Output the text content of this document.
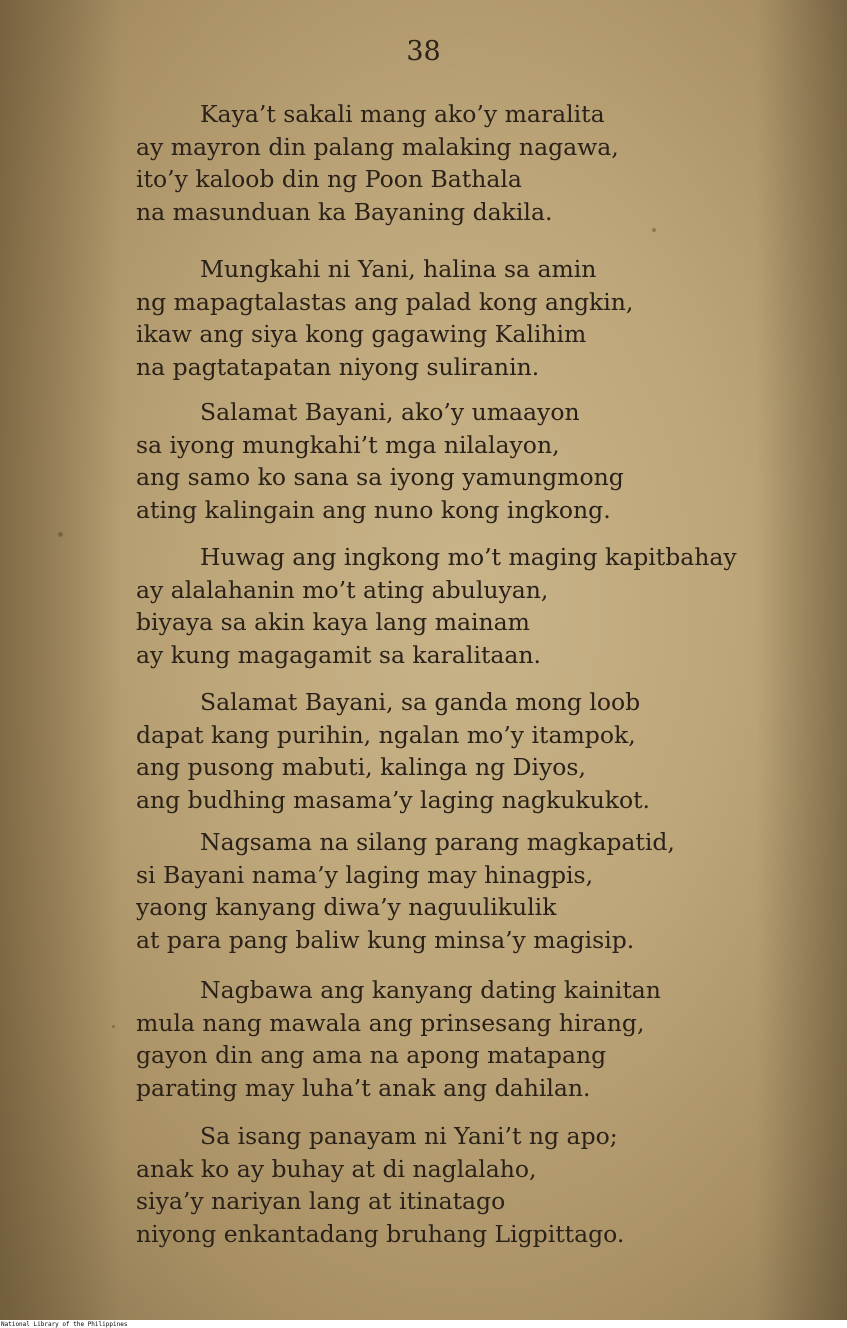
38
Kaya’t sakali mang ako’y maralita
ay mayron din palang malaking nagawa,
ito’y kaloob din ng Poon Bathala
na masunduan ka Bayaning dakila.
Mungkahi ni Yani, halina sa amin
ng mapagtalastas ang palad kong angkin,
ikaw ang siya kong gagawing Kalihim
na pagtatapatan niyong suliranin.
Salamat Bayani, ako’y umaayon
sa iyong mungkahi’t mga nilalayon,
ang samo ko sana sa iyong yamungmong
ating kalingain ang nuno kong ingkong.
Huwag ang ingkong mo’t maging kapitbahay
ay alalahanin mo’t ating abuluyan,
biyaya sa akin kaya lang mainam
ay kung magagamit sa karalitaan.
Salamat Bayani, sa ganda mong loob
dapat kang purihin, ngalan mo’y itampok,
ang pusong mabuti, kalinga ng Diyos,
ang budhing masama’y laging nagkukukot.
Nagsama na silang parang magkapatid,
si Bayani nama’y laging may hinagpis,
yaong kanyang diwa’y naguulikulik
at para pang baliw kung minsa’y magisip.
Nagbawa ang kanyang dating kainitan
mula nang mawala ang prinsesang hirang,
gayon din ang ama na apong matapang
parating may luha’t anak ang dahilan.
Sa isang panayam ni Yani’t ng apo;
anak ko ay buhay at di naglalaho,
siya’y nariyan lang at itinatago
niyong enkantadang bruhang Ligpittago.
National Library of the Philippines
